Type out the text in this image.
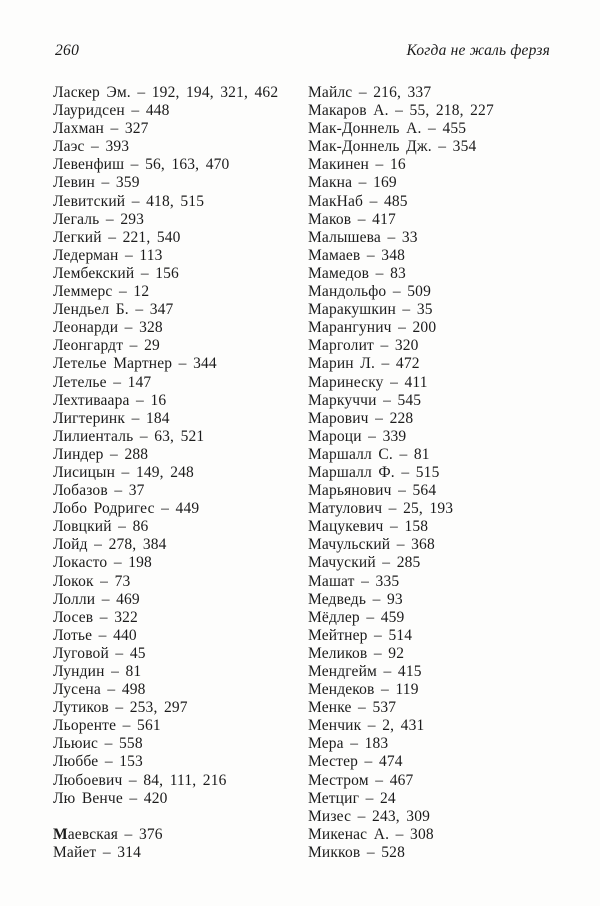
260	Когда не жаль ферзя
Ласкер Эм. – 192, 194, 321, 462
Лауридсен – 448
Лахман – 327
Лаэс – 393
Левенфиш – 56, 163, 470
Левин – 359
Левитский – 418, 515
Легаль – 293
Легкий – 221, 540
Ледерман – 113
Лембекский – 156
Леммерс – 12
Лендьел Б. – 347
Леонарди – 328
Леонгардт – 29
Летелье Мартнер – 344
Летелье – 147
Лехтиваара – 16
Лигтеринк – 184
Лилиенталь – 63, 521
Линдер – 288
Лисицын – 149, 248
Лобазов – 37
Лобо Родригес – 449
Ловцкий – 86
Лойд – 278, 384
Локасто – 198
Локок – 73
Лолли – 469
Лосев – 322
Лотье – 440
Луговой – 45
Лундин – 81
Лусена – 498
Лутиков – 253, 297
Льоренте – 561
Льюис – 558
Люббе – 153
Любоевич – 84, 111, 216
Лю Венче – 420
Маевская – 376
Майет – 314
Майлс – 216, 337
Макаров А. – 55, 218, 227
Мак-Доннель А. – 455
Мак-Доннель Дж. – 354
Макинен – 16
Макна – 169
МакНаб – 485
Маков – 417
Малышева – 33
Мамаев – 348
Мамедов – 83
Мандольфо – 509
Маракушкин – 35
Марангунич – 200
Марголит – 320
Марин Л. – 472
Маринеску – 411
Маркуччи – 545
Марович – 228
Мароци – 339
Маршалл С. – 81
Маршалл Ф. – 515
Марьянович – 564
Матулович – 25, 193
Мацукевич – 158
Мачульский – 368
Мачуский – 285
Машат – 335
Медведь – 93
Мёдлер – 459
Мейтнер – 514
Меликов – 92
Мендгейм – 415
Мендеков – 119
Менке – 537
Менчик – 2, 431
Мера – 183
Местер – 474
Местром – 467
Метциг – 24
Мизес – 243, 309
Микенас А. – 308
Микков – 528
